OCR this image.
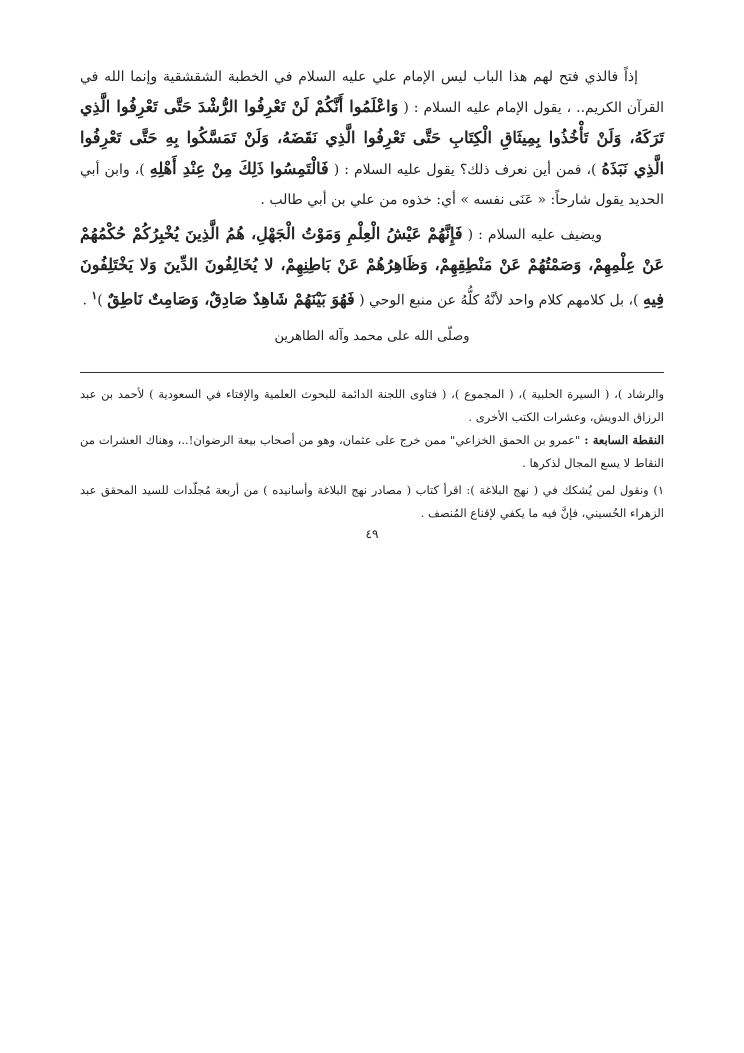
إذاً فالذي فتح لهم هذا الباب ليس الإمام علي عليه السلام في الخطبة الشقشقية وإنما الله في القرآن الكريم.. ، يقول الإمام عليه السلام : ( وَاعْلَمُوا أَنَّكُمْ لَنْ تَعْرِفُوا الرُّشْدَ حَتَّى تَعْرِفُوا الَّذِي تَرَكَهُ، وَلَنْ تَأْخُذُوا بِمِيثَاقِ الْكِتَابِ حَتَّى تَعْرِفُوا الَّذِي نَقَضَهُ، وَلَنْ تَمَسَّكُوا بِهِ حَتَّى تَعْرِفُوا الَّذِي نَبَذَهُ )، فمن أين نعرف ذلك؟ يقول عليه السلام : ( فَالْتَمِسُوا ذَلِكَ مِنْ عِنْدِ أَهْلِهِ )، وابن أبي الحديد يقول شارحاً: « عَنَى نفسه » أي: خذوه من علي بن أبي طالب .

ويضيف عليه السلام : ( فَإِنَّهُمْ عَيْشُ الْعِلْمِ وَمَوْتُ الْجَهْلِ، هُمُ الَّذِينَ يُخْبِرُكُمْ حُكْمُهُمْ عَنْ عِلْمِهِمْ، وَصَمْتُهُمْ عَنْ مَنْطِقِهِمْ، وَظَاهِرُهُمْ عَنْ بَاطِنِهِمْ، لا يُخَالِفُونَ الدِّينَ وَلا يَخْتَلِفُونَ فِيهِ )، بل كلامهم كلام واحد لأنَّهُ كلُّهُ عن منبع الوحي ( فَهُوَ بَيْنَهُمْ شَاهِدٌ صَادِقٌ، وَصَامِتٌ نَاطِقٌ )$^١$ .

وصلّى الله على محمد وآله الطاهرين

والرشاد )، ( السيرة الحلبية )، ( المجموع )، ( فتاوى اللجنة الدائمة للبحوث العلمية والإفتاء في السعودية ) لأحمد بن عبد الرزاق الدويش، وعشرات الكتب الأخرى .

النقطة السابعة : "عمرو بن الحمق الخزاعي" ممن خرج على عثمان، وهو من أصحاب بيعة الرضوان!..، وهناك العشرات من النقاط لا يسع المجال لذكرها .

١) ونقول لمن يُشكك في ( نهج البلاغة ): اقرأ كتاب ( مصادر نهج البلاغة وأسانيده ) من أربعة مُجلّدات للسيد المحقق عبد الزهراء الحُسيني، فإنَّ فيه ما يكفي لإقناع المُنصف .

٤٩
